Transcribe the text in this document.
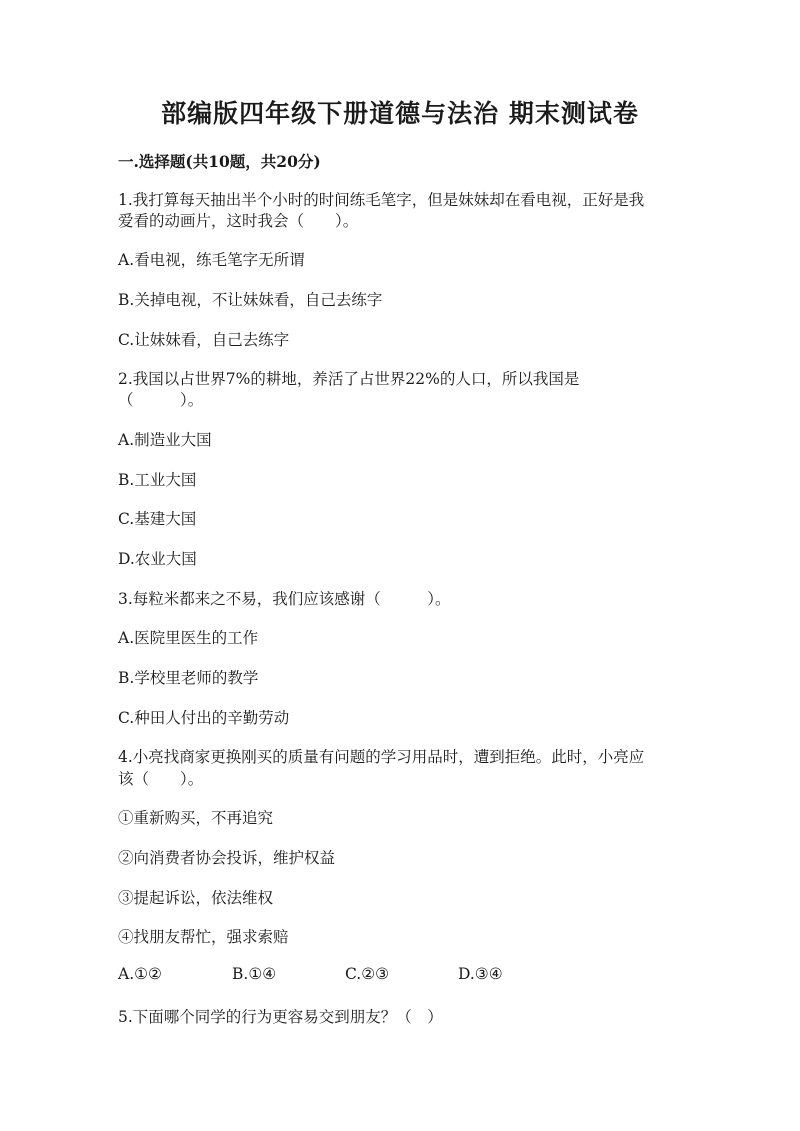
部编版四年级下册道德与法治 期末测试卷
一.选择题(共10题，共20分)
1.我打算每天抽出半个小时的时间练毛笔字，但是妹妹却在看电视，正好是我
爱看的动画片，这时我会（　　）。
A.看电视，练毛笔字无所谓
B.关掉电视，不让妹妹看，自己去练字
C.让妹妹看，自己去练字
2.我国以占世界7%的耕地，养活了占世界22%的人口，所以我国是
（　　　）。
A.制造业大国
B.工业大国
C.基建大国
D.农业大国
3.每粒米都来之不易，我们应该感谢（　　　）。
A.医院里医生的工作
B.学校里老师的教学
C.种田人付出的辛勤劳动
4.小亮找商家更换刚买的质量有问题的学习用品时，遭到拒绝。此时，小亮应
该（　　）。
①重新购买，不再追究
②向消费者协会投诉，维护权益
③提起诉讼，依法维权
④找朋友帮忙，强求索赔
A.①②	B.①④	C.②③	D.③④
5.下面哪个同学的行为更容易交到朋友？（　）
